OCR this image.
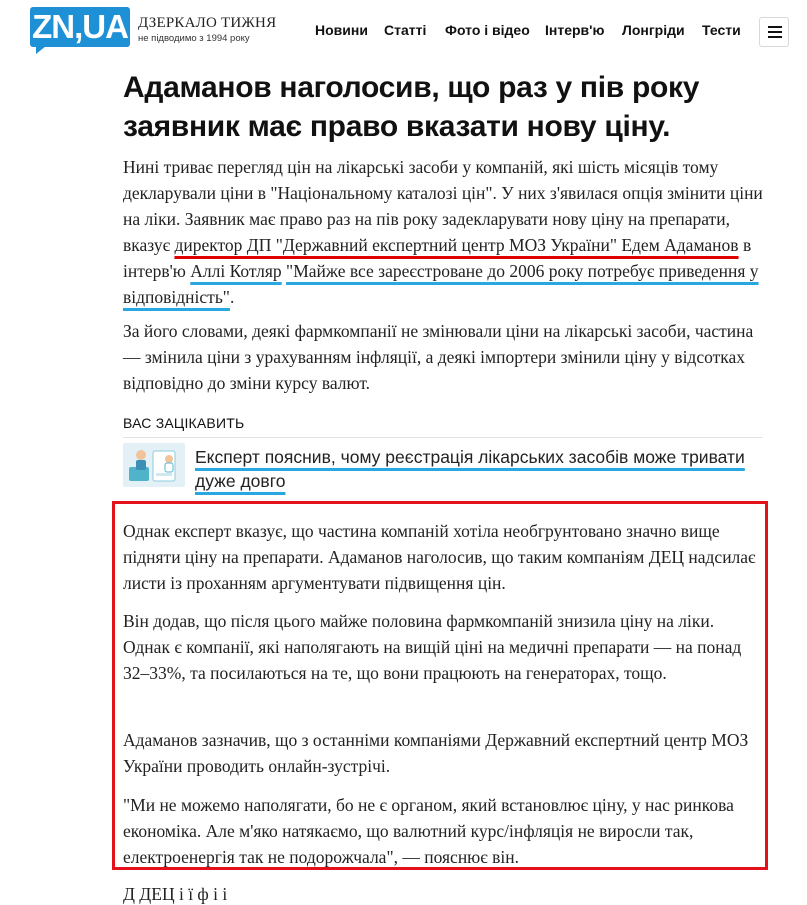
ZN,UA ДЗЕРКАЛО ТИЖНЯ
не підводимо з 1994 року
Новини Статті Фото і відео Інтерв'ю Лонгріди Тести
Адаманов наголосив, що раз у пів року
заявник має право вказати нову ціну.

Нині триває перегляд цін на лікарські засоби у компаній, які шість місяців тому декларували ціни в "Національному каталозі цін". У них з'явилася опція змінити ціни на ліки. Заявник має право раз на пів року задекларувати нову ціну на препарати, вказує директор ДП "Державний експертний центр МОЗ України" Едем Адаманов в інтерв'ю Аллі Котляр "Майже все зареєстроване до 2006 року потребує приведення у відповідність".

За його словами, деякі фармкомпанії не змінювали ціни на лікарські засоби, частина — змінила ціни з урахуванням інфляції, а деякі імпортери змінили ціну у відсотках відповідно до зміни курсу валют.

ВАС ЗАЦІКАВИТЬ

Експерт пояснив, чому реєстрація лікарських засобів може тривати дуже довго

Однак експерт вказує, що частина компаній хотіла необгрунтовано значно вище підняти ціну на препарати. Адаманов наголосив, що таким компаніям ДЕЦ надсилає листи із проханням аргументувати підвищення цін.

Він додав, що після цього майже половина фармкомпаній знизила ціну на ліки. Однак є компанії, які наполягають на вищій ціні на медичні препарати — на понад 32–33%, та посилаються на те, що вони працюють на генераторах, тощо.

Адаманов зазначив, що з останніми компаніями Державний експертний центр МОЗ України проводить онлайн-зустрічі.

"Ми не можемо наполягати, бо не є органом, який встановлює ціну, у нас ринкова економіка. Але м'яко натякаємо, що валютний курс/інфляція не виросли так, електроенергія так не подорожчала", — пояснює він.

Д ДЕЦ і ї ф і і
